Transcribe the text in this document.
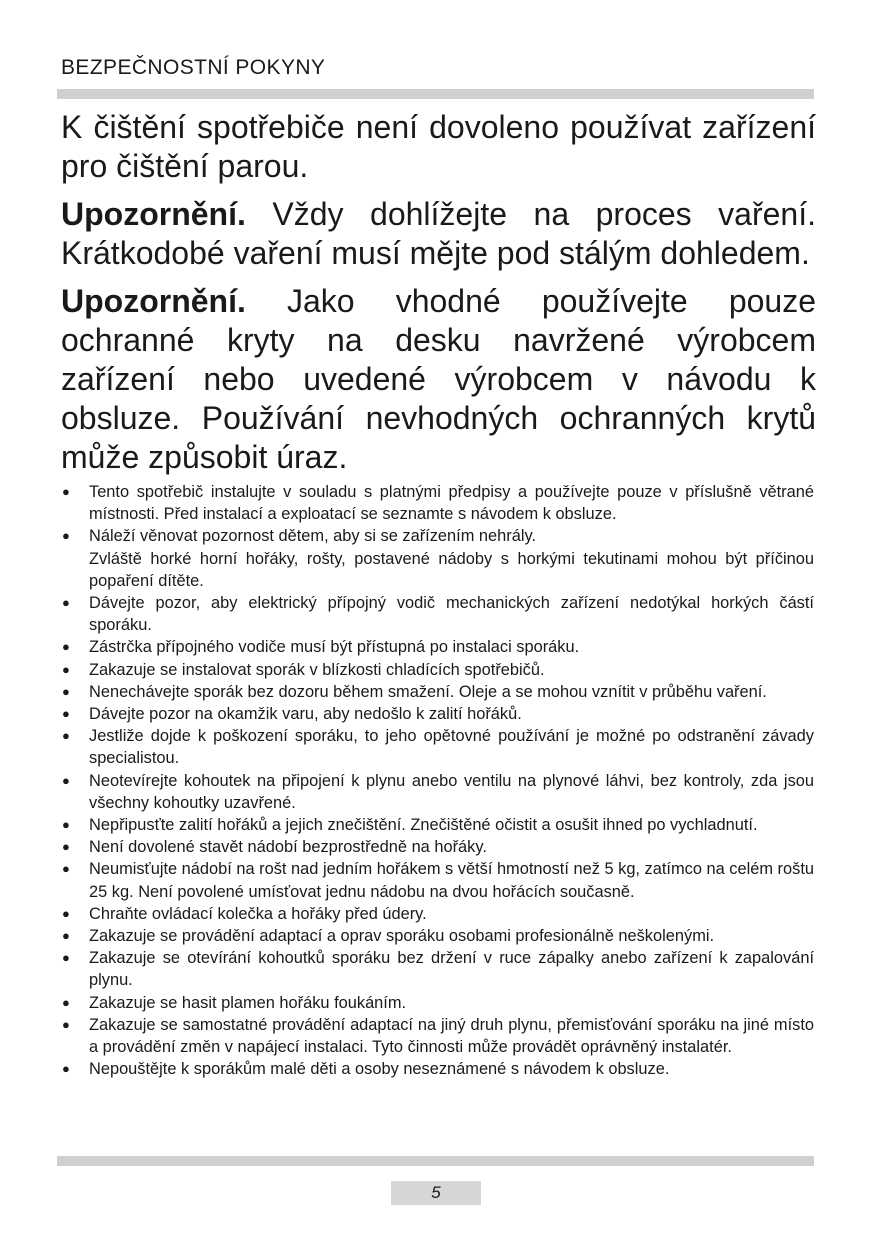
BEZPEČNOSTNÍ POKYNY

K čištění spotřebiče není dovoleno používat zařízení pro čištění parou.

Upozornění. Vždy dohlížejte na proces vaření. Krátkodobé vaření musí mějte pod stálým dohledem.

Upozornění. Jako vhodné používejte pouze ochranné kryty na desku navržené výrobcem zařízení nebo uvedené výrobcem v návodu k obsluze. Používání nevhodných ochranných krytů může způsobit úraz.

● Tento spotřebič instalujte v souladu s platnými předpisy a používejte pouze v příslušně větrané místnosti. Před instalací a exploatací se seznamte s návodem k obsluze.
● Náleží věnovat pozornost dětem, aby si se zařízením nehrály.
Zvláště horké horní hořáky, rošty, postavené nádoby s horkými tekutinami mohou být příčinou popaření dítěte.
● Dávejte pozor, aby elektrický přípojný vodič mechanických zařízení nedotýkal horkých částí sporáku.
● Zástrčka přípojného vodiče musí být přístupná po instalaci sporáku.
● Zakazuje se instalovat sporák v blízkosti chladících spotřebičů.
● Nenechávejte sporák bez dozoru během smažení. Oleje a se mohou vznítit v průběhu vaření.
● Dávejte pozor na okamžik varu, aby nedošlo k zalití hořáků.
● Jestliže dojde k poškození sporáku, to jeho opětovné používání je možné po odstranění závady specialistou.
● Neotevírejte kohoutek na připojení k plynu anebo ventilu na plynové láhvi, bez kontroly, zda jsou všechny kohoutky uzavřené.
● Nepřipusťte zalití hořáků a jejich znečištění. Znečištěné očistit a osušit ihned po vychladnutí.
● Není dovolené stavět nádobí bezprostředně na hořáky.
● Neumisťujte nádobí na rošt nad jedním hořákem s větší hmotností než 5 kg, zatímco na celém roštu 25 kg. Není povolené umísťovat jednu nádobu na dvou hořácích současně.
● Chraňte ovládací kolečka a hořáky před údery.
● Zakazuje se provádění adaptací a oprav sporáku osobami profesionálně neškolenými.
● Zakazuje se otevírání kohoutků sporáku bez držení v ruce zápalky anebo zařízení k zapalování plynu.
● Zakazuje se hasit plamen hořáku foukáním.
● Zakazuje se samostatné provádění adaptací na jiný druh plynu, přemisťování sporáku na jiné místo a provádění změn v napájecí instalaci. Tyto činnosti může provádět oprávněný instalatér.
● Nepouštějte k sporákům malé děti a osoby neseznámené s návodem k obsluze.
5
